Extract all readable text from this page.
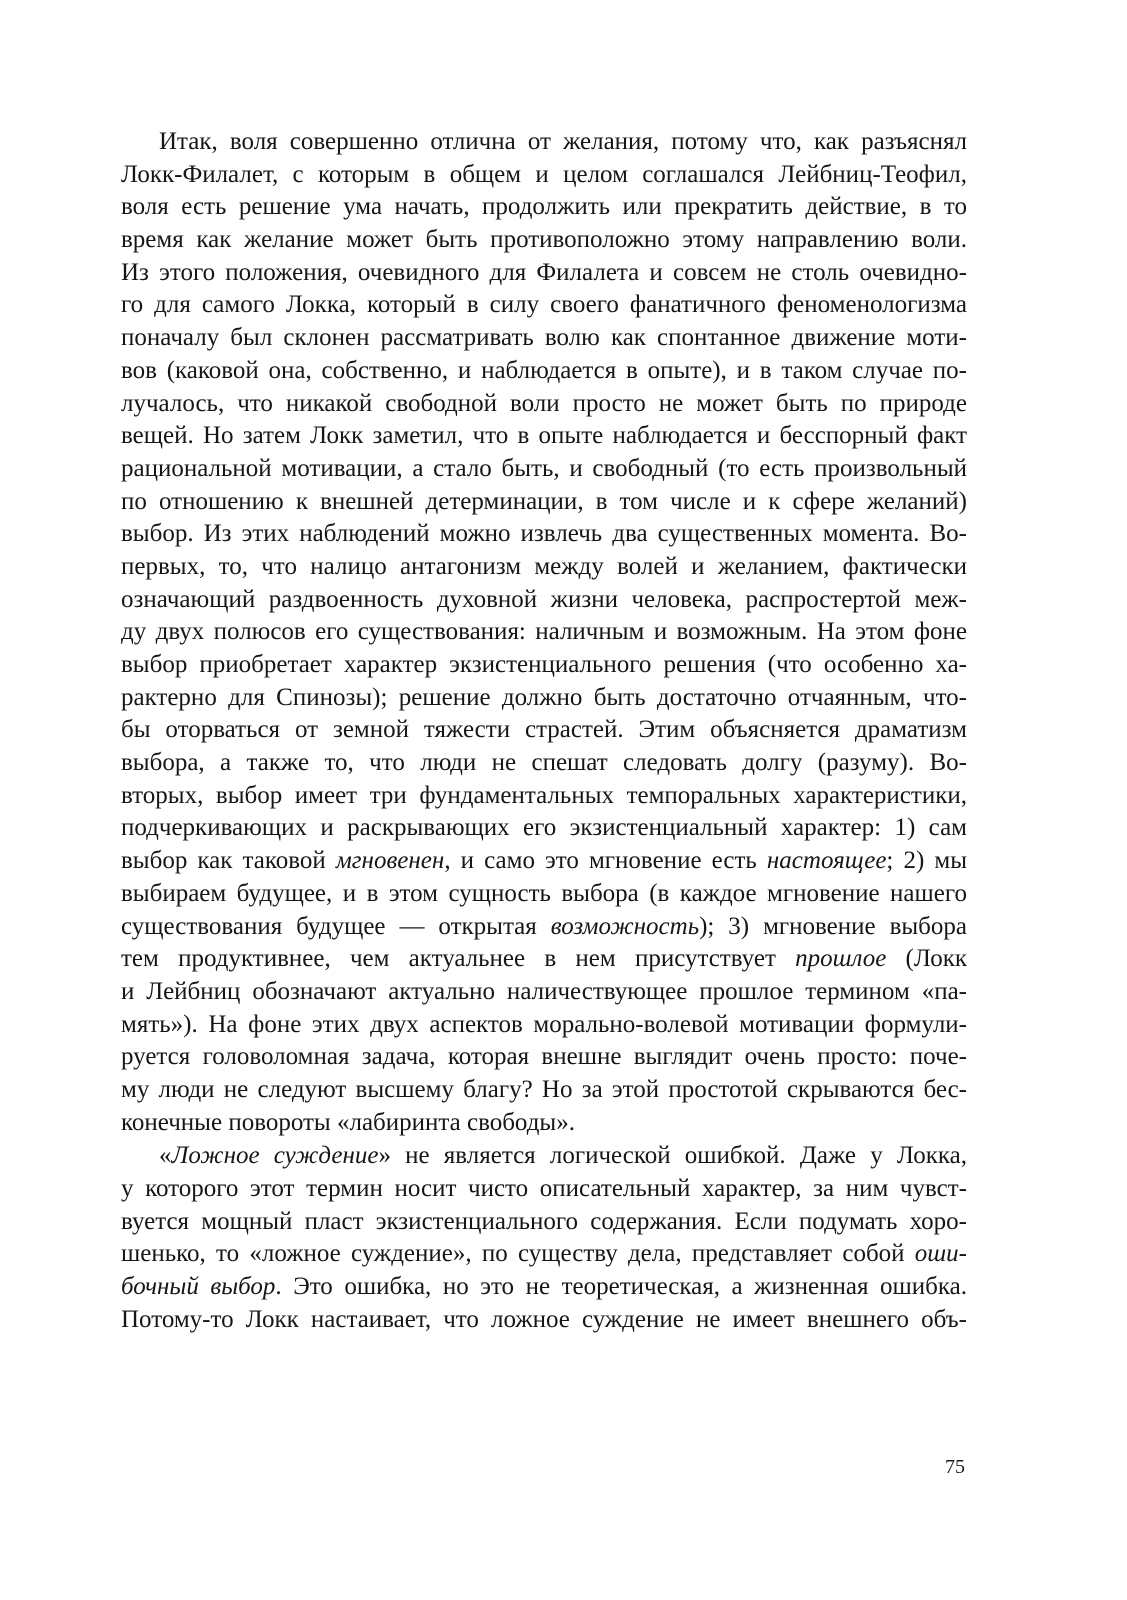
Итак, воля совершенно отлична от желания, потому что, как разъяснял
Локк-Филалет, с которым в общем и целом соглашался Лейбниц-Теофил,
воля есть решение ума начать, продолжить или прекратить действие, в то
время как желание может быть противоположно этому направлению воли.
Из этого положения, очевидного для Филалета и совсем не столь очевидно-
го для самого Локка, который в силу своего фанатичного феноменологизма
поначалу был склонен рассматривать волю как спонтанное движение моти-
вов (каковой она, собственно, и наблюдается в опыте), и в таком случае по-
лучалось, что никакой свободной воли просто не может быть по природе
вещей. Но затем Локк заметил, что в опыте наблюдается и бесспорный факт
рациональной мотивации, а стало быть, и свободный (то есть произвольный
по отношению к внешней детерминации, в том числе и к сфере желаний)
выбор. Из этих наблюдений можно извлечь два существенных момента. Во-
первых, то, что налицо антагонизм между волей и желанием, фактически
означающий раздвоенность духовной жизни человека, распростертой меж-
ду двух полюсов его существования: наличным и возможным. На этом фоне
выбор приобретает характер экзистенциального решения (что особенно ха-
рактерно для Спинозы); решение должно быть достаточно отчаянным, что-
бы оторваться от земной тяжести страстей. Этим объясняется драматизм
выбора, а также то, что люди не спешат следовать долгу (разуму). Во-
вторых, выбор имеет три фундаментальных темпоральных характеристики,
подчеркивающих и раскрывающих его экзистенциальный характер: 1) сам
выбор как таковой мгновенен, и само это мгновение есть настоящее; 2) мы
выбираем будущее, и в этом сущность выбора (в каждое мгновение нашего
существования будущее — открытая возможность); 3) мгновение выбора
тем продуктивнее, чем актуальнее в нем присутствует прошлое (Локк
и Лейбниц обозначают актуально наличествующее прошлое термином «па-
мять»). На фоне этих двух аспектов морально-волевой мотивации формули-
руется головоломная задача, которая внешне выглядит очень просто: поче-
му люди не следуют высшему благу? Но за этой простотой скрываются бес-
конечные повороты «лабиринта свободы».
«Ложное суждение» не является логической ошибкой. Даже у Локка,
у которого этот термин носит чисто описательный характер, за ним чувст-
вуется мощный пласт экзистенциального содержания. Если подумать хоро-
шенько, то «ложное суждение», по существу дела, представляет собой оши-
бочный выбор. Это ошибка, но это не теоретическая, а жизненная ошибка.
Потому-то Локк настаивает, что ложное суждение не имеет внешнего объ-
75
